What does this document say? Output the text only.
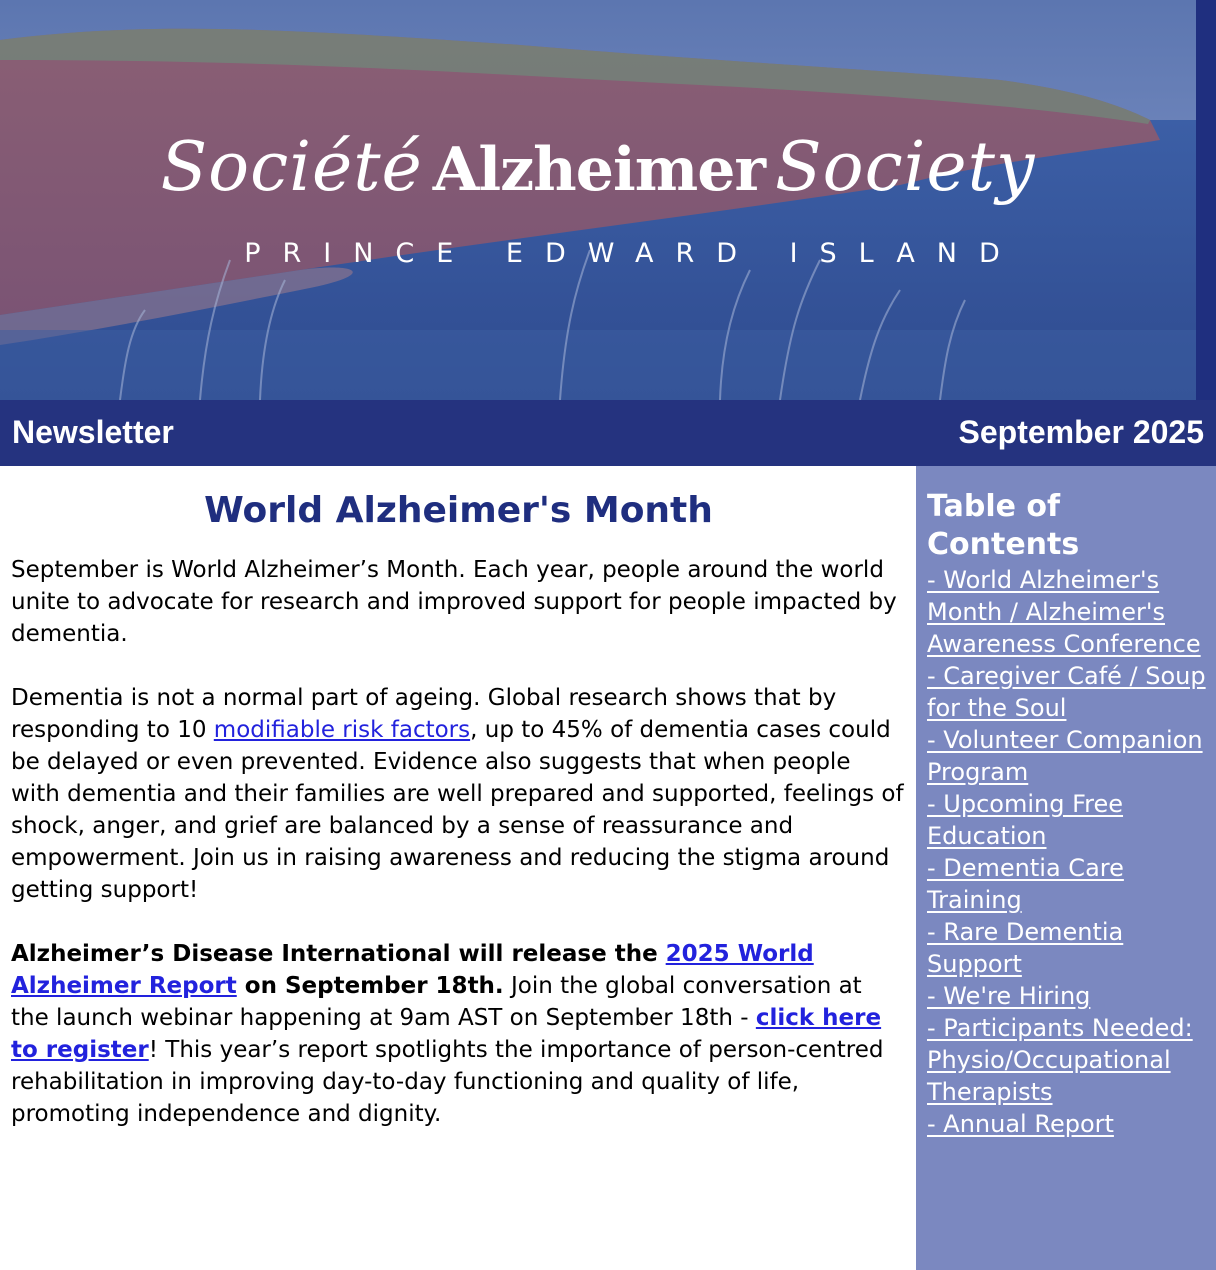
Société Alzheimer Society
PRINCE EDWARD ISLAND
Newsletter	September 2025
World Alzheimer's Month

September is World Alzheimer’s Month. Each year, people around the world unite to advocate for research and improved support for people impacted by dementia.

Dementia is not a normal part of ageing. Global research shows that by responding to 10 modifiable risk factors, up to 45% of dementia cases could be delayed or even prevented. Evidence also suggests that when people with dementia and their families are well prepared and supported, feelings of shock, anger, and grief are balanced by a sense of reassurance and empowerment. Join us in raising awareness and reducing the stigma around getting support!

Alzheimer’s Disease International will release the 2025 World Alzheimer Report on September 18th. Join the global conversation at the launch webinar happening at 9am AST on September 18th - click here to register! This year’s report spotlights the importance of person-centred rehabilitation in improving day-to-day functioning and quality of life, promoting independence and dignity.

Table of Contents
- World Alzheimer's Month / Alzheimer's Awareness Conference
- Caregiver Café / Soup for the Soul
- Volunteer Companion Program
- Upcoming Free Education
- Dementia Care Training
- Rare Dementia Support
- We're Hiring
- Participants Needed: Physio/Occupational Therapists
- Annual Report
